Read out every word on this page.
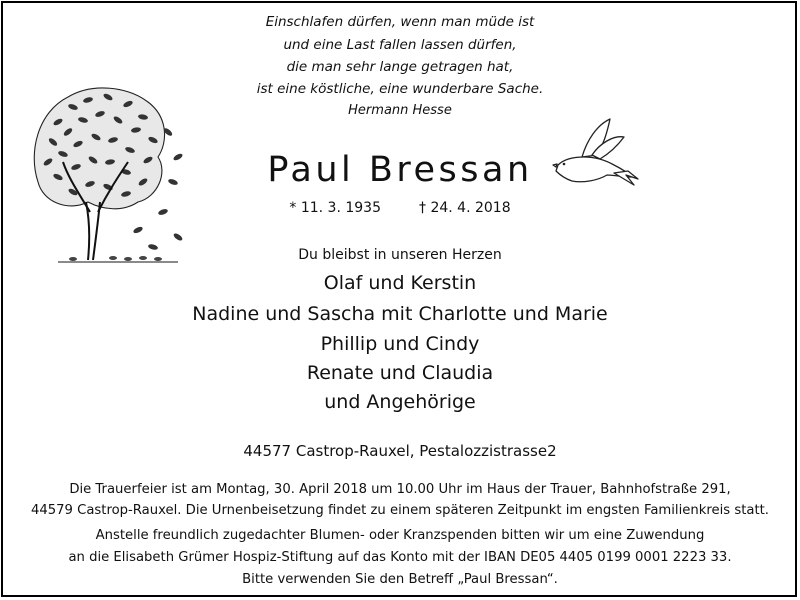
Einschlafen dürfen, wenn man müde ist
und eine Last fallen lassen dürfen,
die man sehr lange getragen hat,
ist eine köstliche, eine wunderbare Sache.
Hermann Hesse
Paul Bressan
* 11. 3. 1935	† 24. 4. 2018
Du bleibst in unseren Herzen
Olaf und Kerstin
Nadine und Sascha mit Charlotte und Marie
Phillip und Cindy
Renate und Claudia
und Angehörige
44577 Castrop-Rauxel, Pestalozzistrasse2
Die Trauerfeier ist am Montag, 30. April 2018 um 10.00 Uhr im Haus der Trauer, Bahnhofstraße 291,
44579 Castrop-Rauxel. Die Urnenbeisetzung findet zu einem späteren Zeitpunkt im engsten Familienkreis statt.
Anstelle freundlich zugedachter Blumen- oder Kranzspenden bitten wir um eine Zuwendung
an die Elisabeth Grümer Hospiz-Stiftung auf das Konto mit der IBAN DE05 4405 0199 0001 2223 33.
Bitte verwenden Sie den Betreff „Paul Bressan“.
